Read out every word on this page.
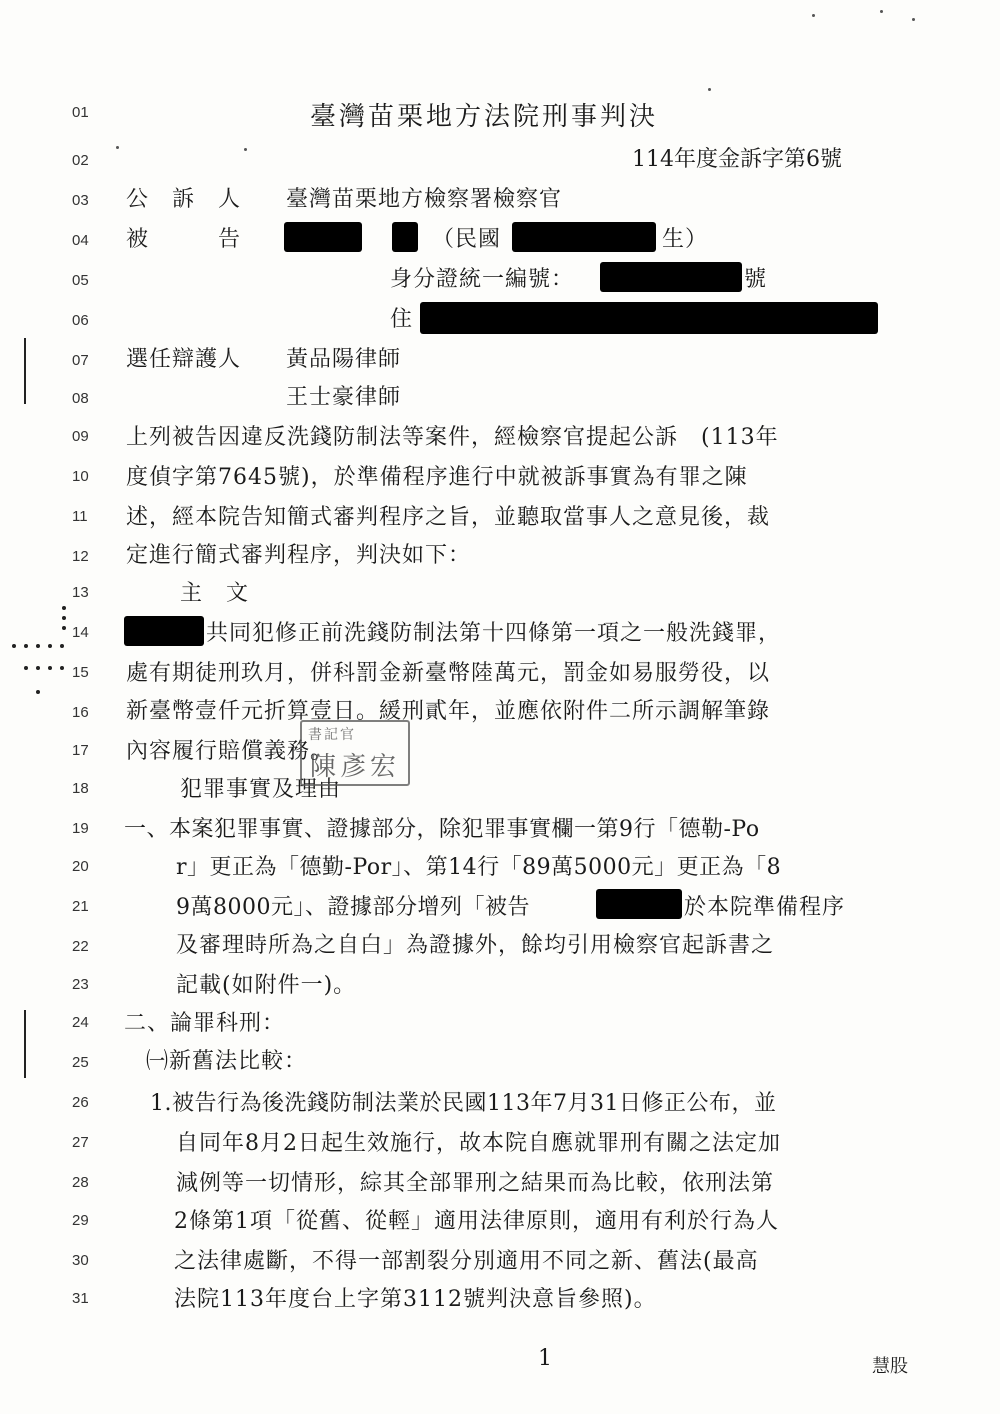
01
02
03
04
05
06
07
08
09
10
11
12
13
14
15
16
17
18
19
20
21
22
23
24
25
26
27
28
29
30
31
臺灣苗栗地方法院刑事判決
114年度金訴字第6號
公　訴　人 臺灣苗栗地方檢察署檢察官
被　　　告	（民國	生）
身分證統一編號：	號
住
選任辯護人 黃品陽律師
王士豪律師
上列被告因違反洗錢防制法等案件，經檢察官提起公訴　(113年
度偵字第7645號)，於準備程序進行中就被訴事實為有罪之陳
述，經本院告知簡式審判程序之旨，並聽取當事人之意見後，裁
定進行簡式審判程序，判決如下：
主　文
共同犯修正前洗錢防制法第十四條第一項之一般洗錢罪，
處有期徒刑玖月，併科罰金新臺幣陸萬元，罰金如易服勞役，以
新臺幣壹仟元折算壹日。緩刑貳年，並應依附件二所示調解筆錄
內容履行賠償義務。
犯罪事實及理由
一、本案犯罪事實、證據部分，除犯罪事實欄一第9行「德勒-Po
r」更正為「德勤-Por」、第14行「89萬5000元」更正為「8
9萬8000元」、證據部分增列「被告	於本院準備程序
及審理時所為之自白」為證據外，餘均引用檢察官起訴書之
記載(如附件一)。
二、論罪科刑：
㈠新舊法比較：
1.被告行為後洗錢防制法業於民國113年7月31日修正公布，並
自同年8月2日起生效施行，故本院自應就罪刑有關之法定加
減例等一切情形，綜其全部罪刑之結果而為比較，依刑法第
2條第1項「從舊、從輕」適用法律原則，適用有利於行為人
之法律處斷，不得一部割裂分別適用不同之新、舊法(最高
法院113年度台上字第3112號判決意旨參照)。
書記官
陳彥宏
1	慧股
